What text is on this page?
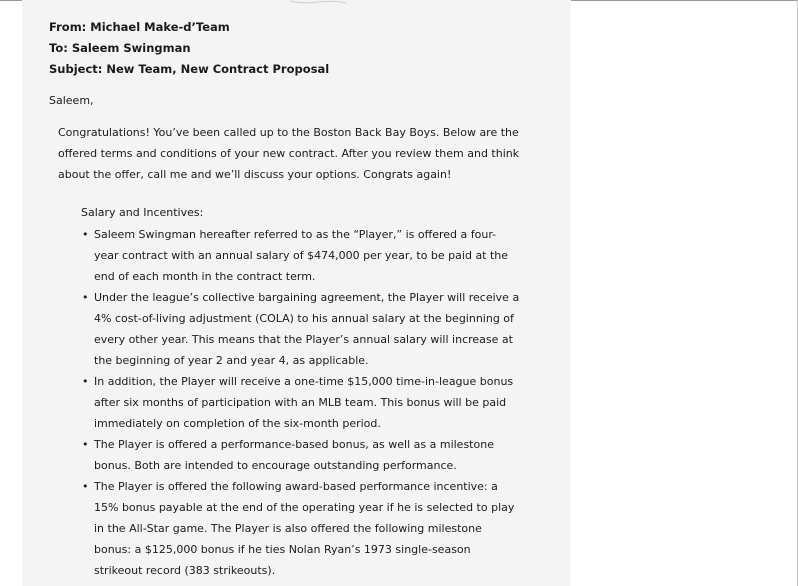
From: Michael Make-d’Team
To: Saleem Swingman
Subject: New Team, New Contract Proposal
Saleem,
Congratulations! You’ve been called up to the Boston Back Bay Boys. Below are the offered terms and conditions of your new contract. After you review them and think about the offer, call me and we’ll discuss your options. Congrats again!
Salary and Incentives:
• Saleem Swingman hereafter referred to as the “Player,” is offered a four-year contract with an annual salary of $474,000 per year, to be paid at the end of each month in the contract term.
• Under the league’s collective bargaining agreement, the Player will receive a 4% cost-of-living adjustment (COLA) to his annual salary at the beginning of every other year. This means that the Player’s annual salary will increase at the beginning of year 2 and year 4, as applicable.
• In addition, the Player will receive a one-time $15,000 time-in-league bonus after six months of participation with an MLB team. This bonus will be paid immediately on completion of the six-month period.
• The Player is offered a performance-based bonus, as well as a milestone bonus. Both are intended to encourage outstanding performance.
• The Player is offered the following award-based performance incentive: a 15% bonus payable at the end of the operating year if he is selected to play in the All-Star game. The Player is also offered the following milestone bonus: a $125,000 bonus if he ties Nolan Ryan’s 1973 single-season strikeout record (383 strikeouts).
